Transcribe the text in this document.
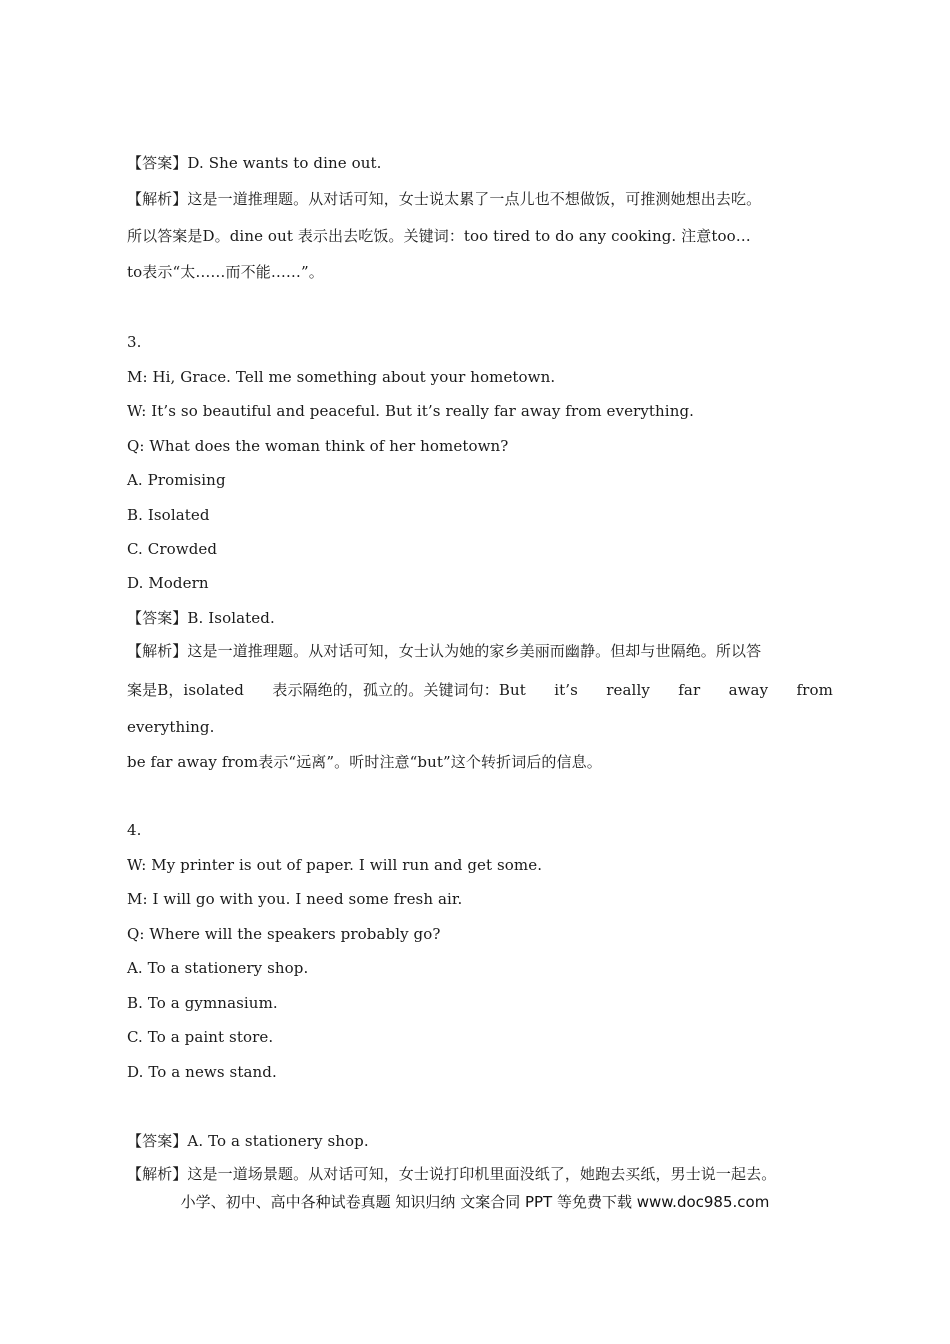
【答案】D. She wants to dine out.
【解析】这是一道推理题。从对话可知，女士说太累了一点儿也不想做饭，可推测她想出去吃。
所以答案是D。dine out 表示出去吃饭。关键词：too tired to do any cooking. 注意too…
to表示“太……而不能……”。
3.
M: Hi, Grace. Tell me something about your hometown.
W: It’s so beautiful and peaceful. But it’s really far away from everything.
Q: What does the woman think of her hometown?
A. Promising
B. Isolated
C. Crowded
D. Modern
【答案】B. Isolated.
【解析】这是一道推理题。从对话可知，女士认为她的家乡美丽而幽静。但却与世隔绝。所以答
案是B，isolated 表示隔绝的，孤立的。关键词句：But it’s really far away from
everything.
be far away from表示“远离”。听时注意“but”这个转折词后的信息。
4.
W: My printer is out of paper. I will run and get some.
M: I will go with you. I need some fresh air.
Q: Where will the speakers probably go?
A. To a stationery shop.
B. To a gymnasium.
C. To a paint store.
D. To a news stand.
【答案】A. To a stationery shop.
【解析】这是一道场景题。从对话可知，女士说打印机里面没纸了，她跑去买纸，男士说一起去。
小学、初中、高中各种试卷真题 知识归纳 文案合同 PPT 等免费下载 www.doc985.com
